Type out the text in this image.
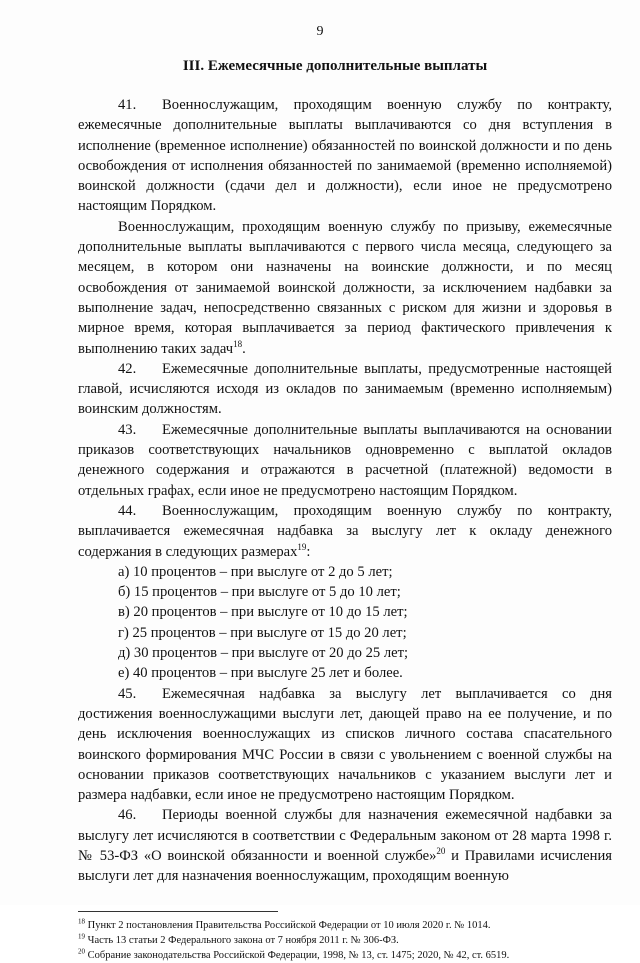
9
III. Ежемесячные дополнительные выплаты

41. Военнослужащим, проходящим военную службу по контракту, ежемесячные дополнительные выплаты выплачиваются со дня вступления в исполнение (временное исполнение) обязанностей по воинской должности и по день освобождения от исполнения обязанностей по занимаемой (временно исполняемой) воинской должности (сдачи дел и должности), если иное не предусмотрено настоящим Порядком.

Военнослужащим, проходящим военную службу по призыву, ежемесячные дополнительные выплаты выплачиваются с первого числа месяца, следующего за месяцем, в котором они назначены на воинские должности, и по месяц освобождения от занимаемой воинской должности, за исключением надбавки за выполнение задач, непосредственно связанных с риском для жизни и здоровья в мирное время, которая выплачивается за период фактического привлечения к выполнению таких задач$^{18}$.

42. Ежемесячные дополнительные выплаты, предусмотренные настоящей главой, исчисляются исходя из окладов по занимаемым (временно исполняемым) воинским должностям.

43. Ежемесячные дополнительные выплаты выплачиваются на основании приказов соответствующих начальников одновременно с выплатой окладов денежного содержания и отражаются в расчетной (платежной) ведомости в отдельных графах, если иное не предусмотрено настоящим Порядком.

44. Военнослужащим, проходящим военную службу по контракту, выплачивается ежемесячная надбавка за выслугу лет к окладу денежного содержания в следующих размерах$^{19}$:

а) 10 процентов – при выслуге от 2 до 5 лет;

б) 15 процентов – при выслуге от 5 до 10 лет;

в) 20 процентов – при выслуге от 10 до 15 лет;

г) 25 процентов – при выслуге от 15 до 20 лет;

д) 30 процентов – при выслуге от 20 до 25 лет;

е) 40 процентов – при выслуге 25 лет и более.

45. Ежемесячная надбавка за выслугу лет выплачивается со дня достижения военнослужащими выслуги лет, дающей право на ее получение, и по день исключения военнослужащих из списков личного состава спасательного воинского формирования МЧС России в связи с увольнением с военной службы на основании приказов соответствующих начальников с указанием выслуги лет и размера надбавки, если иное не предусмотрено настоящим Порядком.

46. Периоды военной службы для назначения ежемесячной надбавки за выслугу лет исчисляются в соответствии с Федеральным законом от 28 марта 1998 г. № 53-ФЗ «О воинской обязанности и военной службе»$^{20}$ и Правилами исчисления выслуги лет для назначения военнослужащим, проходящим военную

$^{18}$ Пункт 2 постановления Правительства Российской Федерации от 10 июля 2020 г. № 1014.

$^{19}$ Часть 13 статьи 2 Федерального закона от 7 ноября 2011 г. № 306-ФЗ.

$^{20}$ Собрание законодательства Российской Федерации, 1998, № 13, ст. 1475; 2020, № 42, ст. 6519.
